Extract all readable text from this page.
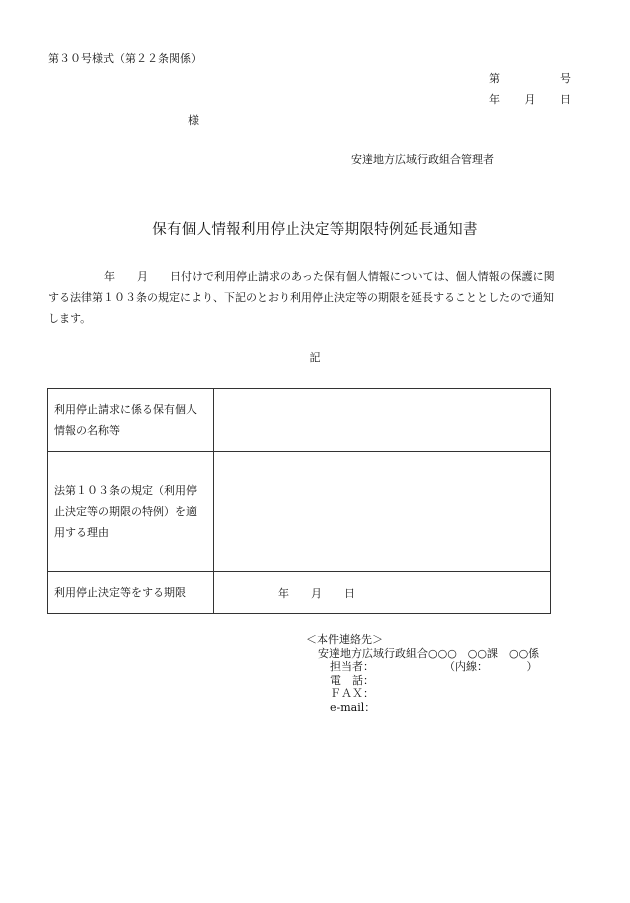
第３０号様式（第２２条関係）
第	号
年 月 日
様
安達地方広域行政組合管理者
保有個人情報利用停止決定等期限特例延長通知書
年 月 日付けで利用停止請求のあった保有個人情報については、個人情報の保護に関
する法律第１０３条の規定により、下記のとおり利用停止決定等の期限を延長することとしたので通知
します。
記
利用停止請求に係る保有個人
情報の名称等	

法第１０３条の規定（利用停
止決定等の期限の特例）を適
用する理由	

利用停止決定等をする期限	年 月 日
＜本件連絡先＞
安達地方広域行政組合○○○　○○課　○○係
担当者：	（内線：　　　　）
電　話：
ＦＡＸ：
e-mail：
